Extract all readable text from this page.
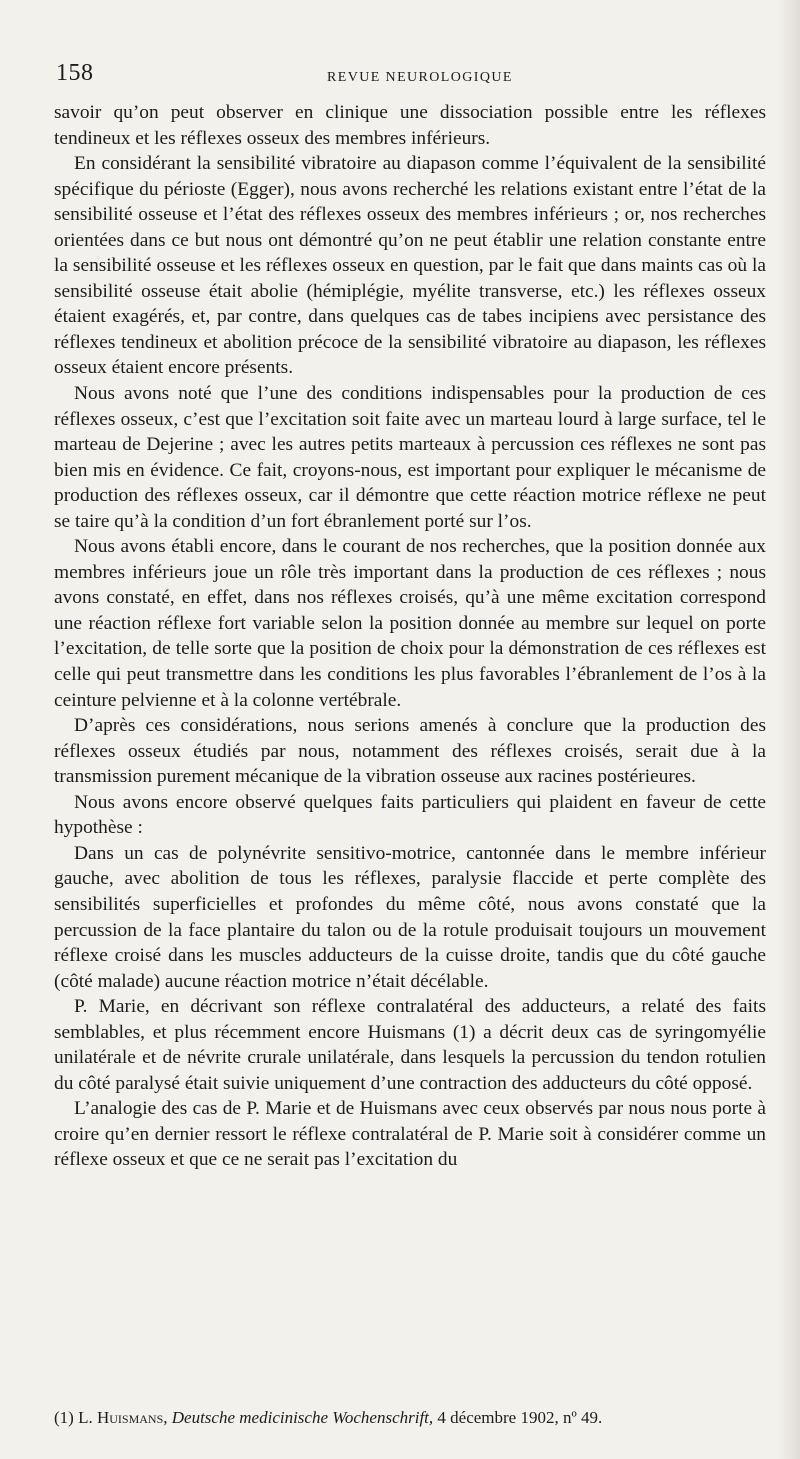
158	REVUE NEUROLOGIQUE

savoir qu’on peut observer en clinique une dissociation possible entre les réflexes tendineux et les réflexes osseux des membres inférieurs.

En considérant la sensibilité vibratoire au diapason comme l’équivalent de la sensibilité spécifique du périoste (Egger), nous avons recherché les relations existant entre l’état de la sensibilité osseuse et l’état des réflexes osseux des membres inférieurs ; or, nos recherches orientées dans ce but nous ont démontré qu’on ne peut établir une relation constante entre la sensibilité osseuse et les réflexes osseux en question, par le fait que dans maints cas où la sensibilité osseuse était abolie (hémiplégie, myélite transverse, etc.) les réflexes osseux étaient exagérés, et, par contre, dans quelques cas de tabes incipiens avec persistance des réflexes tendineux et abolition précoce de la sensibilité vibratoire au diapason, les réflexes osseux étaient encore présents.

Nous avons noté que l’une des conditions indispensables pour la production de ces réflexes osseux, c’est que l’excitation soit faite avec un marteau lourd à large surface, tel le marteau de Dejerine ; avec les autres petits marteaux à percussion ces réflexes ne sont pas bien mis en évidence. Ce fait, croyons-nous, est important pour expliquer le mécanisme de production des réflexes osseux, car il démontre que cette réaction motrice réflexe ne peut se taire qu’à la condition d’un fort ébranlement porté sur l’os.

Nous avons établi encore, dans le courant de nos recherches, que la position donnée aux membres inférieurs joue un rôle très important dans la production de ces réflexes ; nous avons constaté, en effet, dans nos réflexes croisés, qu’à une même excitation correspond une réaction réflexe fort variable selon la position donnée au membre sur lequel on porte l’excitation, de telle sorte que la position de choix pour la démonstration de ces réflexes est celle qui peut transmettre dans les conditions les plus favorables l’ébranlement de l’os à la ceinture pelvienne et à la colonne vertébrale.

D’après ces considérations, nous serions amenés à conclure que la production des réflexes osseux étudiés par nous, notamment des réflexes croisés, serait due à la transmission purement mécanique de la vibration osseuse aux racines postérieures.

Nous avons encore observé quelques faits particuliers qui plaident en faveur de cette hypothèse :

Dans un cas de polynévrite sensitivo-motrice, cantonnée dans le membre inférieur gauche, avec abolition de tous les réflexes, paralysie flaccide et perte complète des sensibilités superficielles et profondes du même côté, nous avons constaté que la percussion de la face plantaire du talon ou de la rotule produisait toujours un mouvement réflexe croisé dans les muscles adducteurs de la cuisse droite, tandis que du côté gauche (côté malade) aucune réaction motrice n’était décélable.

P. Marie, en décrivant son réflexe contralatéral des adducteurs, a relaté des faits semblables, et plus récemment encore Huismans (1) a décrit deux cas de syringomyélie unilatérale et de névrite crurale unilatérale, dans lesquels la percussion du tendon rotulien du côté paralysé était suivie uniquement d’une contraction des adducteurs du côté opposé.

L’analogie des cas de P. Marie et de Huismans avec ceux observés par nous nous porte à croire qu’en dernier ressort le réflexe contralatéral de P. Marie soit à considérer comme un réflexe osseux et que ce ne serait pas l’excitation du

(1) L. Huismans, Deutsche medicinische Wochenschrift, 4 décembre 1902, nº 49.
